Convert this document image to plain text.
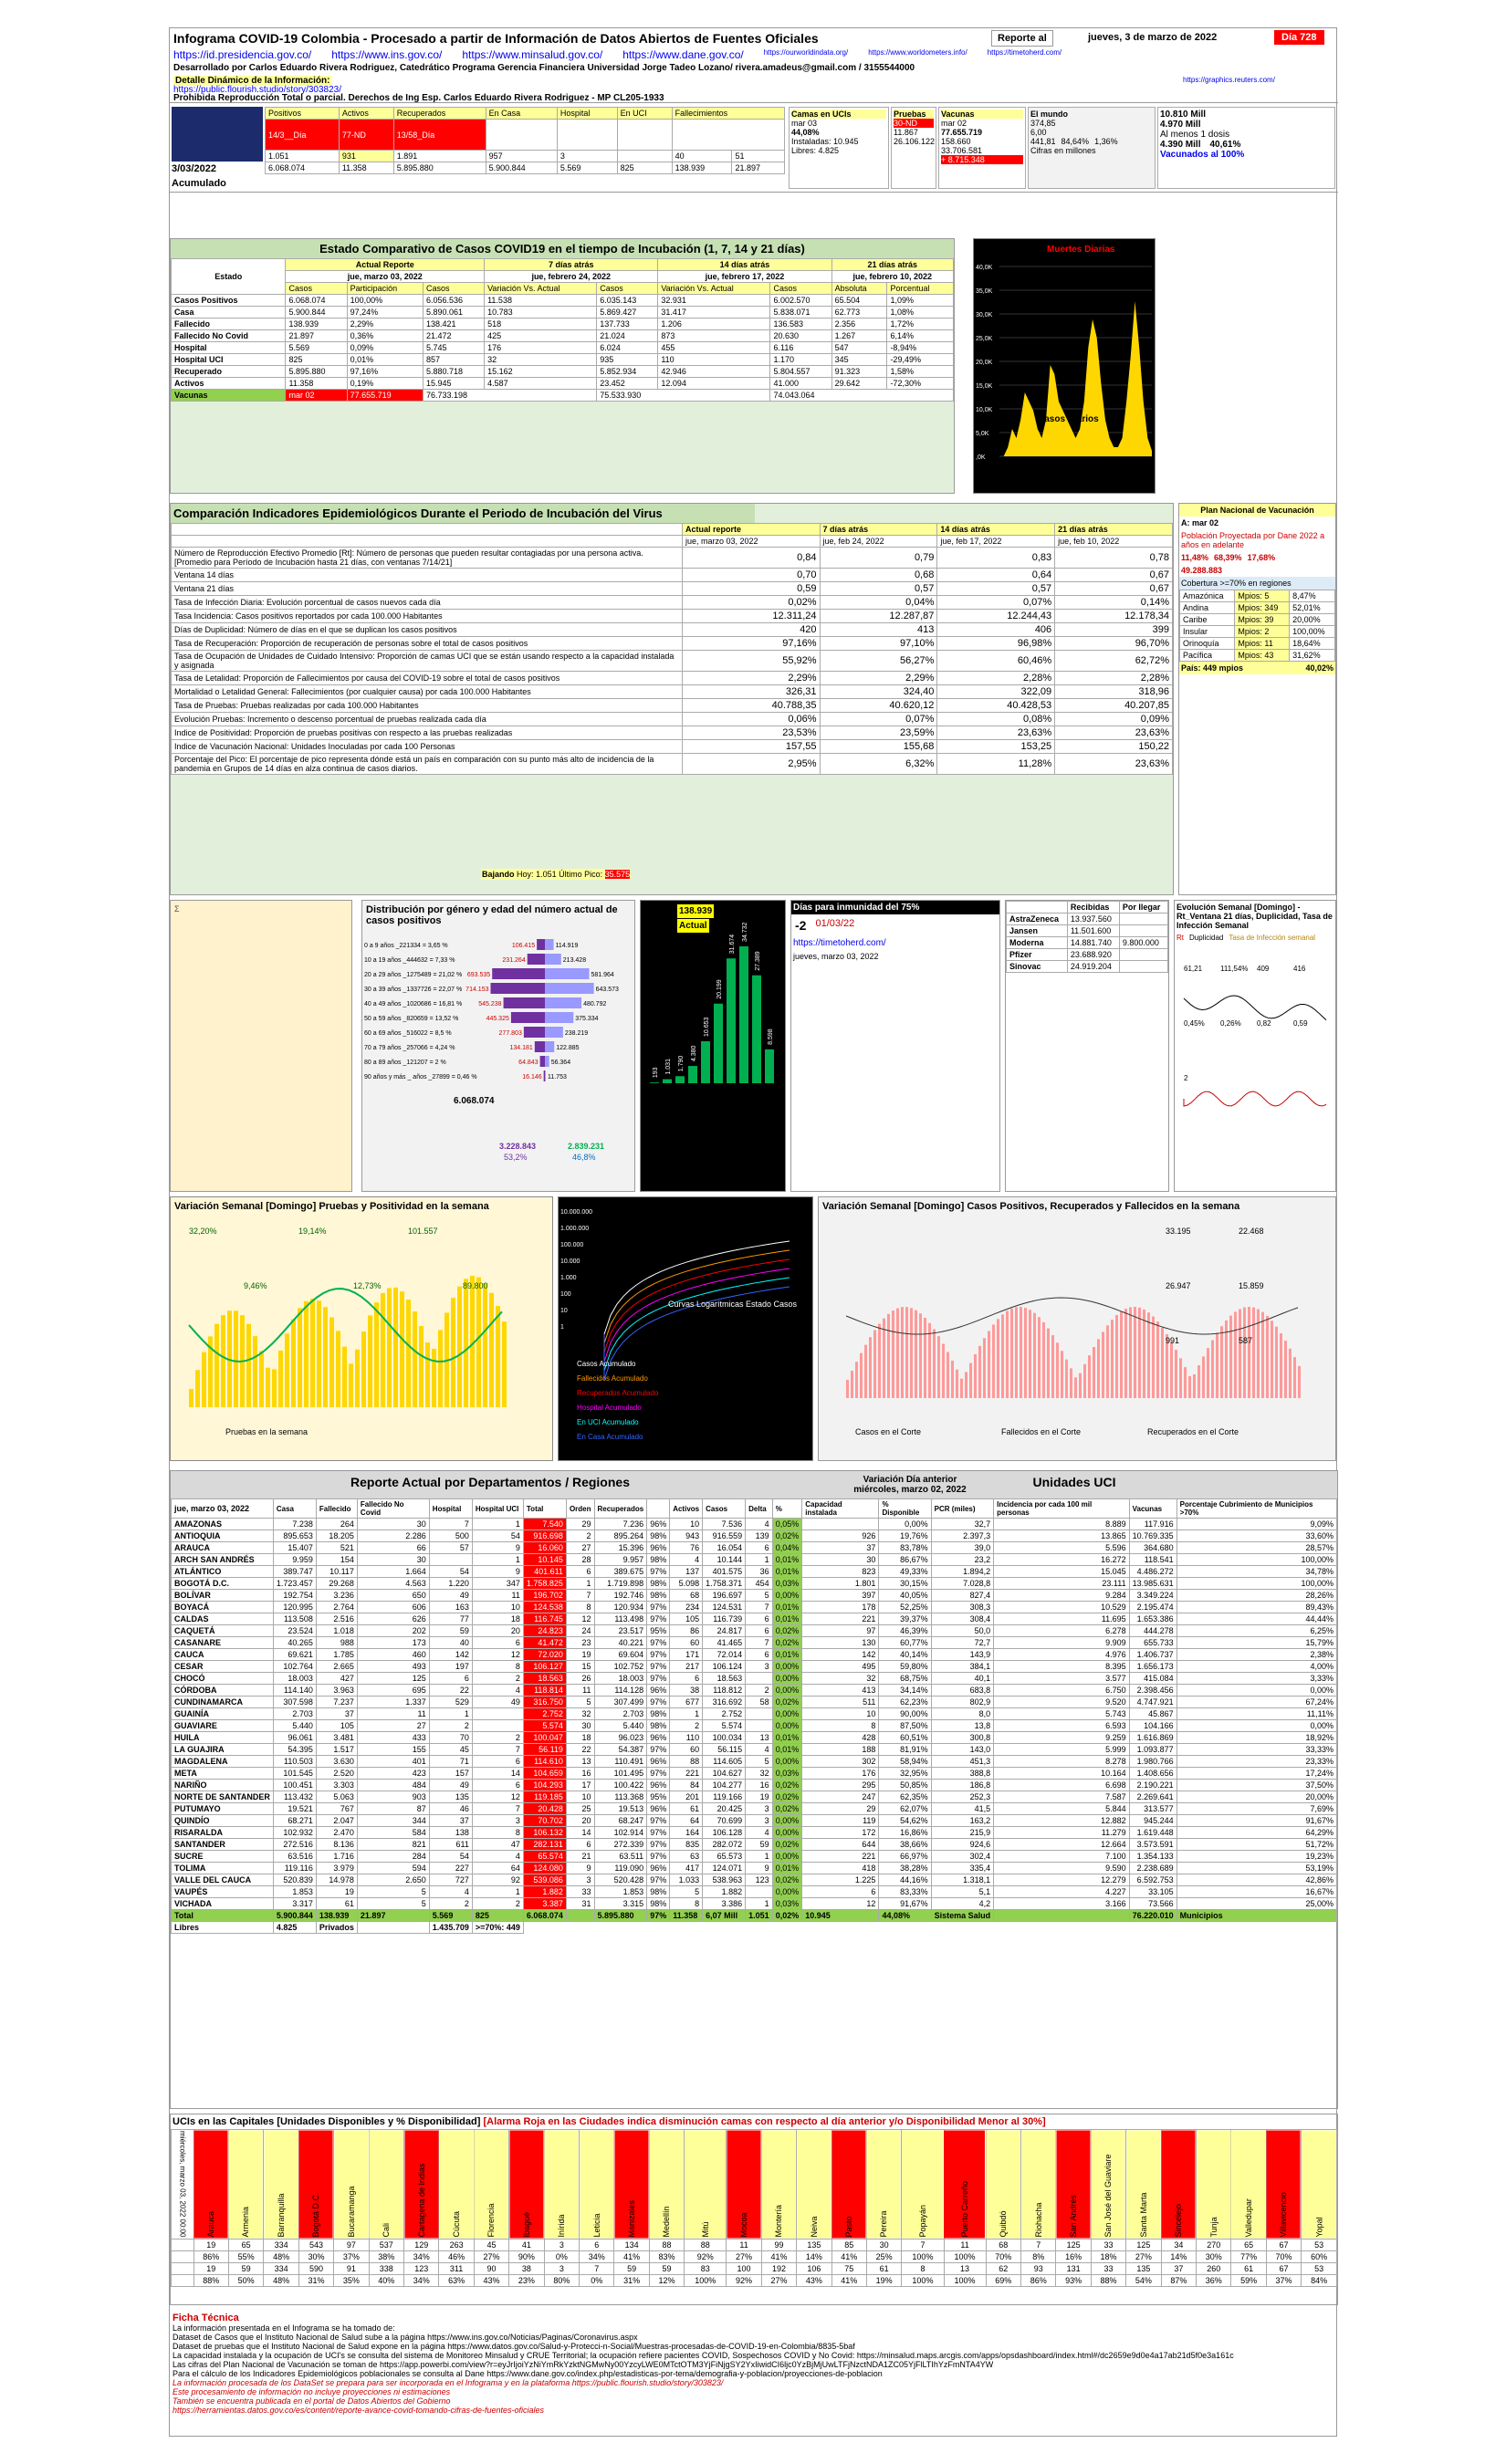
Infograma COVID-19 Colombia - Procesado a partir de Información de Datos Abiertos de Fuentes Oficiales	Reporte al	jueves, 3 de marzo de 2022	Día 728
https://id.presidencia.gov.co/ https://www.ins.gov.co/ https://www.minsalud.gov.co/ https://www.dane.gov.co/	https://ourworldindata.org/	https://www.worldometers.info/	https://timetoherd.com/
Desarrollado por Carlos Eduardo Rivera Rodriguez, Catedrático Programa Gerencia Financiera Universidad Jorge Tadeo Lozano/ rivera.amadeus@gmail.com / 3155544000
Detalle Dinámico de la Información:
https://public.flourish.studio/story/303823/
https://graphics.reuters.com/
Prohibida Reproducción Total o parcial. Derechos de Ing Esp. Carlos Eduardo Rivera Rodriguez - MP CL205-1933
3/03/2022
Acumulado
Positivos	Activos	Recuperados	En Casa	Hospital	En UCI	Fallecimientos	
14/3__Día	77-ND	13/58_Día					
1.051	931	1.891	957	3		40	51
6.068.074	11.358	5.895.880	5.900.844	5.569	825	138.939	21.897
Camas en UCIs
mar 03
44,08%
Instaladas: 10.945
Libres: 4.825
Pruebas
30-ND
11.867
26.106.122
Vacunas
mar 02
77.655.719
158.660
33.706.581
+ 8.715.348
El mundo
374,85
6,00
441,81 84,64% 1,36%
Cifras en millones
10.810 Mill
4.970 Mill
Al menos 1 dosis
4.390 Mill 40,61%
Vacunados al 100%
Estado Comparativo de Casos COVID19 en el tiempo de Incubación (1, 7, 14 y 21 días)
Estado	Actual Reporte			7 días atrás		14 días atrás		21 días atrás	
	jue, marzo 03, 2022			jue, febrero 24, 2022		jue, febrero 17, 2022		jue, febrero 10, 2022	
	Casos	Participación	Casos	Variación Vs. Actual	Casos	Variación Vs. Actual	Casos	Absoluta	Porcentual
Casos Positivos	6.068.074	100,00%	6.056.536	11.538	6.035.143	32.931	6.002.570	65.504	1,09%
Casa	5.900.844	97,24%	5.890.061	10.783	5.869.427	31.417	5.838.071	62.773	1,08%
Fallecido	138.939	2,29%	138.421	518	137.733	1.206	136.583	2.356	1,72%
Fallecido No Covid	21.897	0,36%	21.472	425	21.024	873	20.630	1.267	6,14%
Hospital	5.569	0,09%	5.745	176	6.024	455	6.116	547	-8,94%
Hospital UCI	825	0,01%	857	32	935	110	1.170	345	-29,49%
Recuperado	5.895.880	97,16%	5.880.718	15.162	5.852.934	42.946	5.804.557	91.323	1,58%
Activos	11.358	0,19%	15.945	4.587	23.452	12.094	41.000	29.642	-72,30%
Vacunas	mar 02	77.655.719	76.733.198		75.533.930		74.043.064		
Muertes Diarias
40,0K
35,0K
30,0K
25,0K
20,0K
15,0K
10,0K
5,0K
,0K
Casos Diarios
Comparación Indicadores Epidemiológicos Durante el Periodo de Incubación del Virus
	Actual reporte	7 días atrás	14 días atrás	21 días atrás
	jue, marzo 03, 2022	jue, feb 24, 2022	jue, feb 17, 2022	jue, feb 10, 2022
Número de Reproducción Efectivo Promedio [Rt]: Número de personas que pueden resultar contagiadas por una persona activa. [Promedio para Período de Incubación hasta 21 días, con ventanas 7/14/21]	0,84	0,79	0,83	0,78
Ventana 14 días	0,70	0,68	0,64	0,67
Ventana 21 días	0,59	0,57	0,57	0,67
Tasa de Infección Diaria: Evolución porcentual de casos nuevos cada día	0,02%	0,04%	0,07%	0,14%
Tasa Incidencia: Casos positivos reportados por cada 100.000 Habitantes	12.311,24	12.287,87	12.244,43	12.178,34
Días de Duplicidad: Número de días en el que se duplican los casos positivos	420	413	406	399
Tasa de Recuperación: Proporción de recuperación de personas sobre el total de casos positivos	97,16%	97,10%	96,98%	96,70%
Tasa de Ocupación de Unidades de Cuidado Intensivo: Proporción de camas UCI que se están usando respecto a la capacidad instalada y asignada	55,92%	56,27%	60,46%	62,72%
Tasa de Letalidad: Proporción de Fallecimientos por causa del COVID-19 sobre el total de casos positivos	2,29%	2,29%	2,28%	2,28%
Mortalidad o Letalidad General: Fallecimientos (por cualquier causa) por cada 100.000 Habitantes	326,31	324,40	322,09	318,96
Tasa de Pruebas: Pruebas realizadas por cada 100.000 Habitantes	40.788,35	40.620,12	40.428,53	40.207,85
Evolución Pruebas: Incremento o descenso porcentual de pruebas realizada cada día	0,06%	0,07%	0,08%	0,09%
Indice de Positividad: Proporción de pruebas positivas con respecto a las pruebas realizadas	23,53%	23,59%	23,63%	23,63%
Indice de Vacunación Nacional: Unidades Inoculadas por cada 100 Personas	157,55	155,68	153,25	150,22
Porcentaje del Pico: El porcentaje de pico representa dónde está un país en comparación con su punto más alto de incidencia de la pandemia en Grupos de 14 días en alza continua de casos diarios.	2,95%	6,32%	11,28%	23,63%
Bajando Hoy: 1.051 Último Pico: 35.575
Plan Nacional de Vacunación
A: mar 02
Población Proyectada por Dane 2022 a años en adelante
11,48% 68,39% 17,68%
49.288.883
Cobertura >=70% en regiones
Amazónica	Mpios: 5	8,47%
Andina	Mpios: 349	52,01%
Caribe	Mpios: 39	20,00%
Insular	Mpios: 2	100,00%
Orinoquía	Mpios: 11	18,64%
Pacífica	Mpios: 43	31,62%
País: 449 mpios	40,02%
Σ	Distribución por género y edad del número actual de casos positivos
0 a 9 años _221334 = 3,65 %	106.415	114.919
10 a 19 años _444632 = 7,33 %	231.264	213.428
20 a 29 años _1275489 = 21,02 % 693.535	581.964
30 a 39 años _1337726 = 22,07 % 714.153	643.573
40 a 49 años _1020686 = 16,81 %	545.238	480.792
50 a 59 años _820659 = 13,52 %	445.325	375.334
60 a 69 años _516022 = 8,5 %	277.803	238.219
70 a 79 años _257066 = 4,24 %	134.181	122.885
80 a 89 años _121207 = 2 %	64.843 56.364
90 años y más _ años _27899 = 0,46 %	16.146 11.753
6.068.074
3.228.843
53,2%
2.839.231
46,8%
138.939
Actual
193 1.031 1.790
4.380
10.653
20.199
31.674
34.732
27.389
8.598
Días para inmunidad del 75%
-2 01/03/22
https://timetoherd.com/
jueves, marzo 03, 2022
	Recibidas	Por llegar
AstraZeneca	13.937.560	
Jansen	11.501.600	
Moderna	14.881.740	9.800.000
Pfizer	23.688.920	
Sinovac	24.919.204	
Evolución Semanal [Domingo] - Rt_Ventana 21 días, Duplicidad, Tasa de Infección Semanal
Rt Duplicidad Tasa de Infección semanal
61,21 111,54% 409	416
0,45% 0,26% 0,82	0,59
2
Variación Semanal [Domingo] Pruebas y Positividad en la semana
32,20%
9,46%
19,14%
12,73%
101.557
89.800
Pruebas en la semana
10.000.000
1.000.000
100.000
10.000
1.000
100
10
1
Curvas Logarítmicas Estado Casos
Casos Acumulado
Fallecidos Acumulado
Recuperados Acumulado
Hospital Acumulado
En UCI Acumulado
En Casa Acumulado
Variación Semanal [Domingo] Casos Positivos, Recuperados y Fallecidos en la semana
33.195	22.468
26.947	15.859
991	587
Casos en el Corte	Fallecidos en el Corte	Recuperados en el Corte
Reporte Actual por Departamentos / Regiones	Variación Día anterior
miércoles, marzo 02, 2022
Unidades UCI
jue, marzo 03, 2022	Casa	Fallecido	Fallecido No Covid	Hospital	Hospital UCI	Total	Orden	Recuperados		Activos	Casos	Delta	%	Capacidad instalada	% Disponible	PCR (miles)	Incidencia por cada 100 mil personas	Vacunas	Porcentaje Cubrimiento de Municipios >70%
AMAZONAS	7.238	264	30	7	1	7.540	29	7.236	96%	10	7.536	4	0,05%		0,00%	32,7	8.889	117.916	9,09%
ANTIOQUIA	895.653	18.205	2.286	500	54	916.698	2	895.264	98%	943	916.559	139	0,02%	926	19,76%	2.397,3	13.865	10.769.335	33,60%
ARAUCA	15.407	521	66	57	9	16.060	27	15.396	96%	76	16.054	6	0,04%	37	83,78%	39,0	5.596	364.680	28,57%
ARCH SAN ANDRÉS	9.959	154	30		1	10.145	28	9.957	98%	4	10.144	1	0,01%	30	86,67%	23,2	16.272	118.541	100,00%
ATLÁNTICO	389.747	10.117	1.664	54	9	401.611	6	389.675	97%	137	401.575	36	0,01%	823	49,33%	1.894,2	15.045	4.486.272	34,78%
BOGOTÁ D.C.	1.723.457	29.268	4.563	1.220	347	1.758.825	1	1.719.898	98%	5.098	1.758.371	454	0,03%	1.801	30,15%	7.028,8	23.111	13.985.631	100,00%
BOLÍVAR	192.754	3.236	650	49	11	196.702	7	192.746	98%	68	196.697	5	0,00%	397	40,05%	827,4	9.284	3.349.224	28,26%
BOYACÁ	120.995	2.764	606	163	10	124.538	8	120.934	97%	234	124.531	7	0,01%	178	52,25%	308,3	10.529	2.195.474	89,43%
CALDAS	113.508	2.516	626	77	18	116.745	12	113.498	97%	105	116.739	6	0,01%	221	39,37%	308,4	11.695	1.653.386	44,44%
CAQUETÁ	23.524	1.018	202	59	20	24.823	24	23.517	95%	86	24.817	6	0,02%	97	46,39%	50,0	6.278	444.278	6,25%
CASANARE	40.265	988	173	40	6	41.472	23	40.221	97%	60	41.465	7	0,02%	130	60,77%	72,7	9.909	655.733	15,79%
CAUCA	69.621	1.785	460	142	12	72.020	19	69.604	97%	171	72.014	6	0,01%	142	40,14%	143,9	4.976	1.406.737	2,38%
CESAR	102.764	2.665	493	197	8	106.127	15	102.752	97%	217	106.124	3	0,00%	495	59,80%	384,1	8.395	1.656.173	4,00%
CHOCÓ	18.003	427	125	6	2	18.563	26	18.003	97%	6	18.563		0,00%	32	68,75%	40,1	3.577	415.084	3,33%
CÓRDOBA	114.140	3.963	695	22	4	118.814	11	114.128	96%	38	118.812	2	0,00%	413	34,14%	683,8	6.750	2.398.456	0,00%
CUNDINAMARCA	307.598	7.237	1.337	529	49	316.750	5	307.499	97%	677	316.692	58	0,02%	511	62,23%	802,9	9.520	4.747.921	67,24%
GUAINÍA	2.703	37	11	1		2.752	32	2.703	98%	1	2.752		0,00%	10	90,00%	8,0	5.743	45.867	11,11%
GUAVIARE	5.440	105	27	2		5.574	30	5.440	98%	2	5.574		0,00%	8	87,50%	13,8	6.593	104.166	0,00%
HUILA	96.061	3.481	433	70	2	100.047	18	96.023	96%	110	100.034	13	0,01%	428	60,51%	300,8	9.259	1.616.869	18,92%
LA GUAJIRA	54.395	1.517	155	45	7	56.119	22	54.387	97%	60	56.115	4	0,01%	188	81,91%	143,0	5.999	1.093.877	33,33%
MAGDALENA	110.503	3.630	401	71	6	114.610	13	110.491	96%	88	114.605	5	0,00%	302	58,94%	451,3	8.278	1.980.766	23,33%
META	101.545	2.520	423	157	14	104.659	16	101.495	97%	221	104.627	32	0,03%	176	32,95%	388,8	10.164	1.408.656	17,24%
NARIÑO	100.451	3.303	484	49	6	104.293	17	100.422	96%	84	104.277	16	0,02%	295	50,85%	186,8	6.698	2.190.221	37,50%
NORTE DE SANTANDER	113.432	5.063	903	135	12	119.185	10	113.368	95%	201	119.166	19	0,02%	247	62,35%	252,3	7.587	2.269.641	20,00%
PUTUMAYO	19.521	767	87	46	7	20.428	25	19.513	96%	61	20.425	3	0,02%	29	62,07%	41,5	5.844	313.577	7,69%
QUINDÍO	68.271	2.047	344	37	3	70.702	20	68.247	97%	64	70.699	3	0,00%	119	54,62%	163,2	12.882	945.244	91,67%
RISARALDA	102.932	2.470	584	138	8	106.132	14	102.914	97%	164	106.128	4	0,00%	172	16,86%	215,9	11.279	1.619.448	64,29%
SANTANDER	272.516	8.136	821	611	47	282.131	6	272.339	97%	835	282.072	59	0,02%	644	38,66%	924,6	12.664	3.573.591	51,72%
SUCRE	63.516	1.716	284	54	4	65.574	21	63.511	97%	63	65.573	1	0,00%	221	66,97%	302,4	7.100	1.354.133	19,23%
TOLIMA	119.116	3.979	594	227	64	124.080	9	119.090	96%	417	124.071	9	0,01%	418	38,28%	335,4	9.590	2.238.689	53,19%
VALLE DEL CAUCA	520.839	14.978	2.650	727	92	539.086	3	520.428	97%	1.033	538.963	123	0,02%	1.225	44,16%	1.318,1	12.279	6.592.753	42,86%
VAUPÉS	1.853	19	5	4	1	1.882	33	1.853	98%	5	1.882		0,00%	6	83,33%	5,1	4.227	33.105	16,67%
VICHADA	3.317	61	5	2	2	3.387	31	3.315	98%	8	3.386	1	0,03%	12	91,67%	4,2	3.166	73.566	25,00%
Total	5.900.844	138.939	21.897	5.569	825	6.068.074		5.895.880	97%	11.358	6,07 Mill	1.051	0,02%	10.945	44,08%	Sistema Salud		76.220.010	Municipios
Libres	4.825	Privados		1.435.709	>=70%: 449														
UCIs en las Capitales [Unidades Disponibles y % Disponibilidad] [Alarma Roja en las Ciudades indica disminución camas con respecto al día anterior y/o Disponibilidad Menor al 30%]
miércoles, marzo 03, 2022 00:00	Arauca	Armenia	Barranquilla	Bogotá D.C.	Bucaramanga	Cali	Cartagena de Indias	Cúcuta	Florencia	Ibagué	Inírida	Leticia	Manizales	Medellín	Mitú	Mocoa	Montería	Neiva	Pasto	Pereira	Popayán	Puerto Carreño	Quibdó	Riohacha	San Andrés	San José del Guaviare	Santa Marta	Sincelejo	Tunja	Valledupar	Villavicencio	Yopal
	19	65	334	543	97	537	129	263	45	41	3	6	134	88	88	11	99	135	85	30	7	11	68	7	125	33	125	34	270	65	67	53
	86%	55%	48%	30%	37%	38%	34%	46%	27%	90%	0%	34%	41%	83%	92%	27%	41%	14%	41%	25%	100%	100%	70%	8%	16%	18%	27%	14%	30%	77%	70%	60%
	19	59	334	590	91	338	123	311	90	38	3	7	59	59	83	100	192	106	75	61	8	13	62	93	131	33	135	37	260	61	67	53
	88%	50%	48%	31%	35%	40%	34%	63%	43%	23%	80%	0%	31%	12%	100%	92%	27%	43%	41%	19%	100%	100%	69%	86%	93%	88%	54%	87%	36%	59%	37%	84%
Ficha Técnica
La información presentada en el Infograma se ha tomado de:
Dataset de Casos que el Instituto Nacional de Salud sube a la página https://www.ins.gov.co/Noticias/Paginas/Coronavirus.aspx
Dataset de pruebas que el Instituto Nacional de Salud expone en la página https://www.datos.gov.co/Salud-y-Protecci-n-Social/Muestras-procesadas-de-COVID-19-en-Colombia/8835-5baf
La capacidad instalada y la ocupación de UCI's se consulta del sistema de Monitoreo Minsalud y CRUE Territorial; la ocupación refiere pacientes COVID, Sospechosos COVID y No Covid: https://minsalud.maps.arcgis.com/apps/opsdashboard/index.html#/dc2659e9d0e4a17ab21d5f0e3a161c
Las cifras del Plan Nacional de Vacunación se toman de https://app.powerbi.com/view?r=eyJrIjoiYzNiYmRkYzktNGMwNy00YzcyLWE0MTctOTM3YjFiNjgSY2YxIiwidCI6ljc0YzBjMjUwLTFjNzctNDA1ZC05YjFlLTIhYzFmNTA4YW
Para el cálculo de los Indicadores Epidemiológicos poblacionales se consulta al Dane https://www.dane.gov.co/index.php/estadisticas-por-tema/demografia-y-poblacion/proyecciones-de-poblacion
La información procesada de los DataSet se prepara para ser incorporada en el Infograma y en la plataforma https://public.flourish.studio/story/303823/
Este procesamiento de información no incluye proyecciones ni estimaciones
También se encuentra publicada en el portal de Datos Abiertos del Gobierno
https://herramientas.datos.gov.co/es/content/reporte-avance-covid-tomando-cifras-de-fuentes-oficiales
